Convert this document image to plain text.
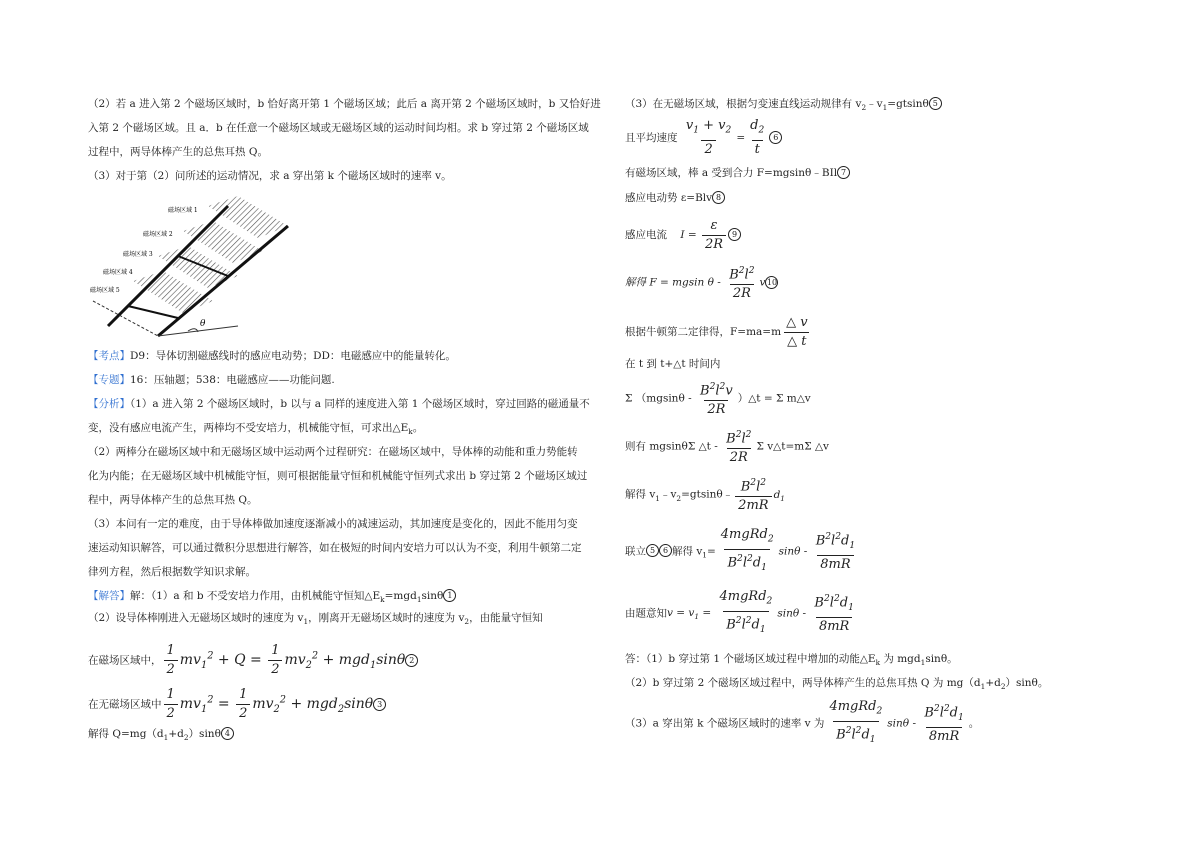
（2）若 a 进入第 2 个磁场区域时，b 恰好离开第 1 个磁场区域；此后 a 离开第 2 个磁场区域时，b 又恰好进
入第 2 个磁场区域。且 a．b 在任意一个磁场区域或无磁场区域的运动时间均相。求 b 穿过第 2 个磁场区域
过程中，两导体棒产生的总焦耳热 Q。
（3）对于第（2）问所述的运动情况，求 a 穿出第 k 个磁场区域时的速率 v。
【考点】D9：导体切割磁感线时的感应电动势；DD：电磁感应中的能量转化。
【专题】16：压轴题；538：电磁感应——功能问题.
【分析】（1）a 进入第 2 个磁场区域时，b 以与 a 同样的速度进入第 1 个磁场区域时，穿过回路的磁通量不
变，没有感应电流产生，两棒均不受安培力，机械能守恒，可求出$\triangle E_k$。
（2）两棒分在磁场区域中和无磁场区域中运动两个过程研究：在磁场区域中，导体棒的动能和重力势能转
化为内能；在无磁场区域中机械能守恒，则可根据能量守恒和机械能守恒列式求出 b 穿过第 2 个磁场区域过
程中，两导体棒产生的总焦耳热 Q。
（3）本问有一定的难度，由于导体棒做加速度逐渐减小的减速运动，其加速度是变化的，因此不能用匀变
速运动知识解答，可以通过微积分思想进行解答，如在极短的时间内安培力可以认为不变，利用牛顿第二定
律列方程，然后根据数学知识求解。
【解答】解：（1）a 和 b 不受安培力作用，由机械能守恒知$\triangle E_k=mgd_1\sin\theta$ 1
（2）设导体棒刚进入无磁场区域时的速度为 $v_1$，刚离开无磁场区域时的速度为 $v_2$，由能量守恒知
在磁场区域中， $\frac{1}{2} mv_1^2 + Q = \frac{1}{2} mv_2^2 + mgd_1\sin\theta$ 2
在无磁场区域中 $\frac{1}{2} mv_1^2 = \frac{1}{2} mv_2^2 + mgd_2\sin\theta$ 3
解得 $Q=mg(d_1+d_2)\sin\theta$ 4
θ
磁场区域 1
磁场区域 2
磁场区域 3
磁场区域 4
磁场区域 5
（3）在无磁场区域，根据匀变速直线运动规律有 $v_2﹣v_1=gtsin\theta$ 5
且平均速度 $\frac{v_1 + v_2}{2} = \frac{d_2}{t} 6$
有磁场区域，棒 a 受到合力 F=mgsinθ﹣BIl 7
感应电动势 ε=Blv 8
感应电流 $I = \frac{\varepsilon}{2R} 9$
解得 F = mgsin θ - $\frac{B^2l^2}{2R} v10$
根据牛顿第二定律得，$F=ma=m \frac{\triangle v}{\triangle t}$
在 t 到 t+△t 时间内
Σ （$mgsin\theta - \frac{B^2l^2v}{2R}$ ）△t = Σ m△v
则有 mgsinθΣ △t - $\frac{B^2l^2}{2R}$ Σ v△t=mΣ △v
解得 $v_1﹣v_2=gtsin\theta﹣ \frac{B^2l^2}{2mR} d_1$
联立 5 6 解得 $v_1= \frac{4mgRd_2}{B^2l^2d_1}$ sinθ - $\frac{B^2l^2d_1}{8mR}$
由题意知$v = v_1 = \frac{4mgRd_2}{B^2l^2d_1}$ sinθ - $\frac{B^2l^2d_1}{8mR}$
答：（1）b 穿过第 1 个磁场区域过程中增加的动能$\triangle E_k$ 为 mgd$_1$sinθ。
（2）b 穿过第 2 个磁场区域过程中，两导体棒产生的总焦耳热 Q 为 $mg(d_1+d_2)\sin\theta$。
（3）a 穿出第 k 个磁场区域时的速率 v 为 $\frac{4mgRd_2}{B^2l^2d_1}$ sinθ - $\frac{B^2l^2d_1}{8mR}$ 。
